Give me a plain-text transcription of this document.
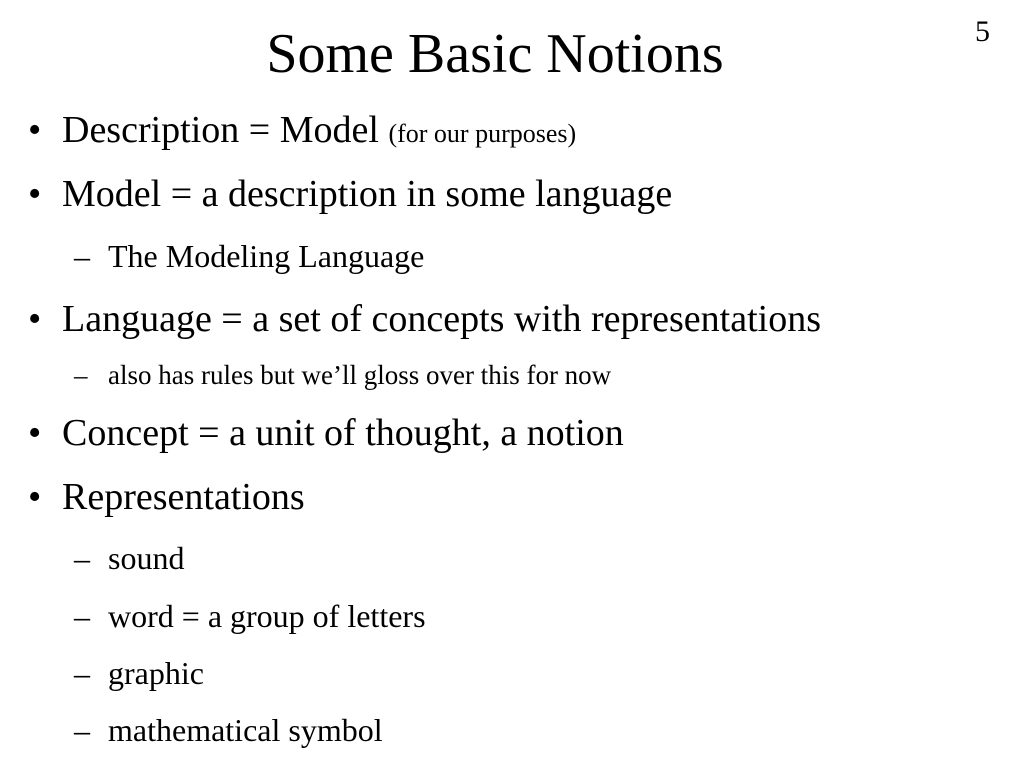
Some Basic Notions	5
• Description = Model (for our purposes)
• Model = a description in some language
– The Modeling Language
• Language = a set of concepts with representations
– also has rules but we’ll gloss over this for now
• Concept = a unit of thought, a notion
• Representations
– sound
– word = a group of letters
– graphic
– mathematical symbol
